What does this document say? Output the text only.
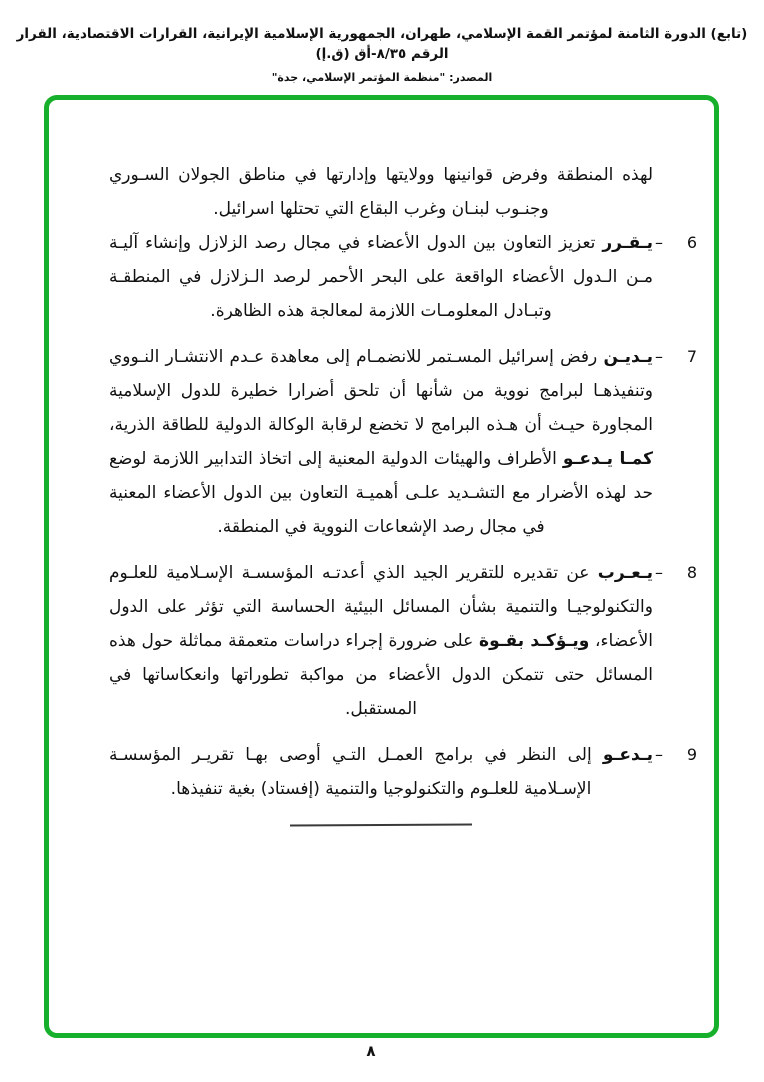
(تابع) الدورة الثامنة لمؤتمر القمة الإسلامي، طهران، الجمهورية الإسلامية الإيرانية، القرارات الاقتصادية، القرار الرقم ٨/٣٥-أق (ق.إ)
المصدر: "منظمة المؤتمر الإسلامي، جدة"

لهذه المنطقة وفرض قوانينها وولايتها وإدارتها في مناطق الجولان السـوري وجنـوب لبنـان وغرب البقاع التي تحتلها اسرائيل.

– 6

يـقـرر تعزيز التعاون بين الدول الأعضاء في مجال رصد الزلازل وإنشاء آليـة مـن الـدول الأعضاء الواقعة على البحر الأحمر لرصد الـزلازل في المنطقـة وتبـادل المعلومـات اللازمة لمعالجة هذه الظاهرة.

– 7

يـديـن رفض إسرائيل المسـتمر للانضمـام إلى معاهدة عـدم الانتشـار النـووي وتنفيذهـا لبرامج نووية من شأنها أن تلحق أضرارا خطيرة للدول الإسلامية المجاورة حيـث أن هـذه البرامج لا تخضع لرقابة الوكالة الدولية للطاقة الذرية، كمـا يـدعـو الأطراف والهيئات الدولية المعنية إلى اتخاذ التدابير اللازمة لوضع حد لهذه الأضرار مع التشـديد علـى أهميـة التعاون بين الدول الأعضاء المعنية في مجال رصد الإشعاعات النووية في المنطقة.

– 8

يـعـرب عن تقديره للتقرير الجيد الذي أعدتـه المؤسسـة الإسـلامية للعلـوم والتكنولوجيـا والتنمية بشأن المسائل البيئية الحساسة التي تؤثر على الدول الأعضاء، ويـؤكـد بقـوة على ضرورة إجراء دراسات متعمقة مماثلة حول هذه المسائل حتى تتمكن الدول الأعضاء من مواكبة تطوراتها وانعكاساتها في المستقبل.

– 9

يـدعـو إلى النظر في برامج العمـل التـي أوصى بهـا تقريـر المؤسسـة الإسـلامية للعلـوم والتكنولوجيا والتنمية (إفستاد) بغية تنفيذها.

٨
